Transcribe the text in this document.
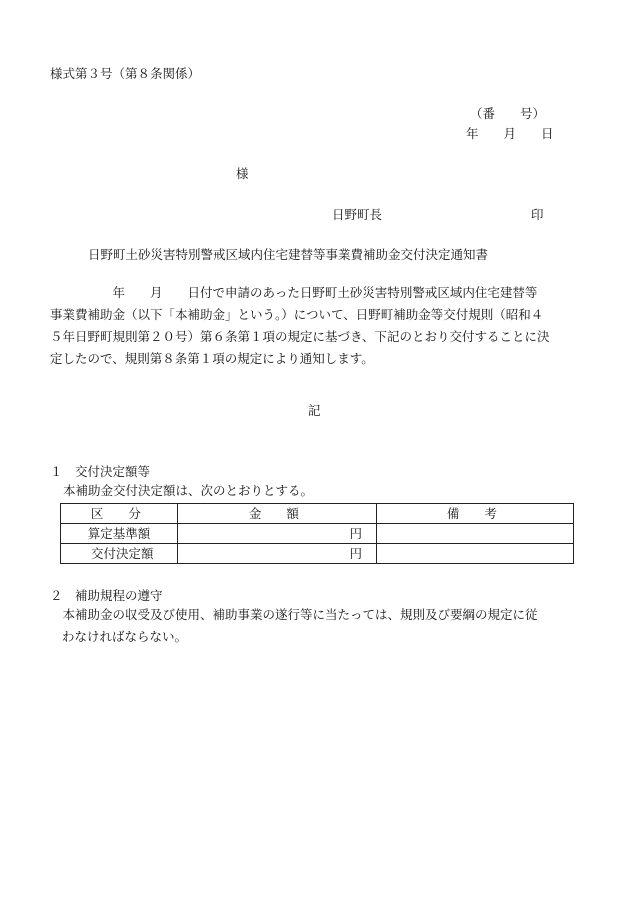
様式第３号（第８条関係）
（番　　号）
年　　月　　日
様
日野町長	印
日野町土砂災害特別警戒区域内住宅建替等事業費補助金交付決定通知書
　　　　　年　　月　　日付で申請のあった日野町土砂災害特別警戒区域内住宅建替等
事業費補助金（以下「本補助金」という。）について、日野町補助金等交付規則（昭和４
５年日野町規則第２０号）第６条第１項の規定に基づき、下記のとおり交付することに決
定したので、規則第８条第１項の規定により通知します。
記
１　交付決定額等
本補助金交付決定額は、次のとおりとする。
区　分	金　額	備　考
算定基準額	円	
交付決定額	円	
２　補助規程の遵守
　本補助金の収受及び使用、補助事業の遂行等に当たっては、規則及び要綱の規定に従
わなければならない。
